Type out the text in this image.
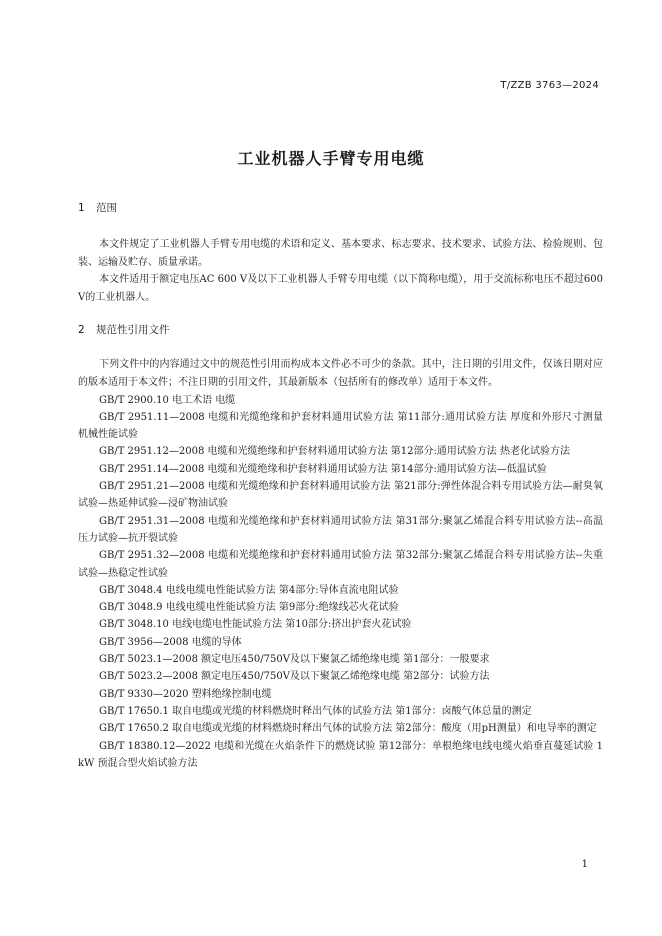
T/ZZB 3763—2024
工业机器人手臂专用电缆
1 范围

本文件规定了工业机器人手臂专用电缆的术语和定义、基本要求、标志要求、技术要求、试验方法、检验规则、包装、运输及贮存、质量承诺。

本文件适用于额定电压AC 600 V及以下工业机器人手臂专用电缆（以下简称电缆），用于交流标称电压不超过600 V的工业机器人。

2 规范性引用文件

下列文件中的内容通过文中的规范性引用而构成本文件必不可少的条款。其中，注日期的引用文件，仅该日期对应的版本适用于本文件；不注日期的引用文件，其最新版本（包括所有的修改单）适用于本文件。

GB/T 2900.10 电工术语 电缆

GB/T 2951.11—2008 电缆和光缆绝缘和护套材料通用试验方法 第11部分:通用试验方法 厚度和外形尺寸测量 机械性能试验

GB/T 2951.12—2008 电缆和光缆绝缘和护套材料通用试验方法 第12部分:通用试验方法 热老化试验方法

GB/T 2951.14—2008 电缆和光缆绝缘和护套材料通用试验方法 第14部分:通用试验方法—低温试验

GB/T 2951.21—2008 电缆和光缆绝缘和护套材料通用试验方法 第21部分:弹性体混合料专用试验方法—耐臭氧试验—热延伸试验—浸矿物油试验

GB/T 2951.31—2008 电缆和光缆绝缘和护套材料通用试验方法 第31部分:聚氯乙烯混合料专用试验方法--高温压力试验—抗开裂试验

GB/T 2951.32—2008 电缆和光缆绝缘和护套材料通用试验方法 第32部分:聚氯乙烯混合料专用试验方法--失重试验—热稳定性试验

GB/T 3048.4 电线电缆电性能试验方法 第4部分:导体直流电阻试验

GB/T 3048.9 电线电缆电性能试验方法 第9部分:绝缘线芯火花试验

GB/T 3048.10 电线电缆电性能试验方法 第10部分:挤出护套火花试验

GB/T 3956—2008 电缆的导体

GB/T 5023.1—2008 额定电压450/750V及以下聚氯乙烯绝缘电缆 第1部分：一般要求

GB/T 5023.2—2008 额定电压450/750V及以下聚氯乙烯绝缘电缆 第2部分：试验方法

GB/T 9330—2020 塑料绝缘控制电缆

GB/T 17650.1 取自电缆或光缆的材料燃烧时释出气体的试验方法 第1部分：卤酸气体总量的测定

GB/T 17650.2 取自电缆或光缆的材料燃烧时释出气体的试验方法 第2部分：酸度（用pH测量）和电导率的测定

GB/T 18380.12—2022 电缆和光缆在火焰条件下的燃烧试验 第12部分：单根绝缘电线电缆火焰垂直蔓延试验 1 kW 预混合型火焰试验方法

1
